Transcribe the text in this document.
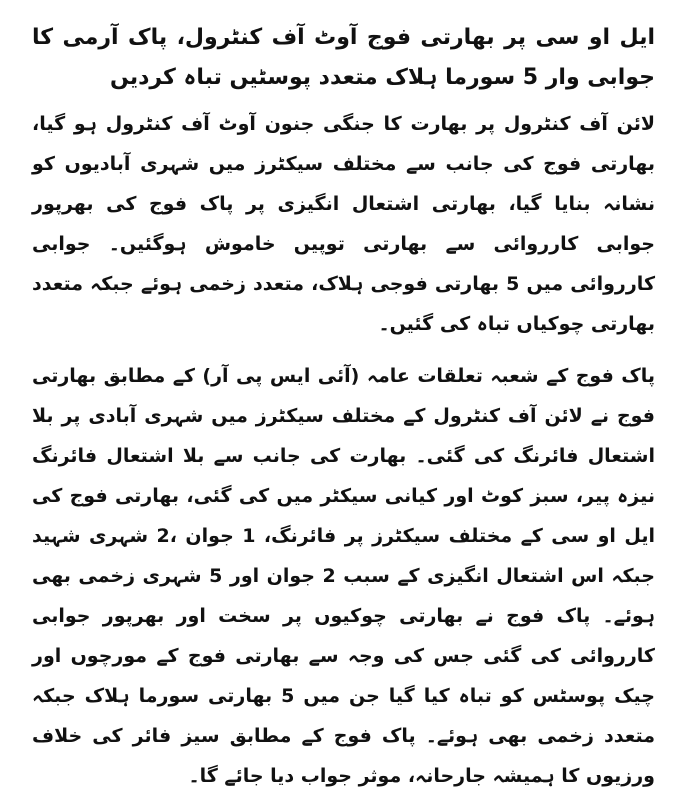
ایل او سی پر بھارتی فوج آوٹ آف کنٹرول، پاک آرمی کا جوابی وار 5 سورما ہلاک متعدد پوسٹیں تباہ کردیں

لائن آف کنٹرول پر بھارت کا جنگی جنون آوٹ آف کنٹرول ہو گیا، بھارتی فوج کی جانب سے مختلف سیکٹرز میں شہری آبادیوں کو نشانہ بنایا گیا، بھارتی اشتعال انگیزی پر پاک فوج کی بھرپور جوابی کارروائی سے بھارتی توپیں خاموش ہوگئیں۔ جوابی کارروائی میں 5 بھارتی فوجی ہلاک، متعدد زخمی ہوئے جبکہ متعدد بھارتی چوکیاں تباہ کی گئیں۔

پاک فوج کے شعبہ تعلقات عامہ (آئی ایس پی آر) کے مطابق بھارتی فوج نے لائن آف کنٹرول کے مختلف سیکٹرز میں شہری آبادی پر بلا اشتعال فائرنگ کی گئی۔ بھارت کی جانب سے بلا اشتعال فائرنگ نیزہ پیر، سبز کوٹ اور کیانی سیکٹر میں کی گئی، بھارتی فوج کی ایل او سی کے مختلف سیکٹرز پر فائرنگ، 1 جوان ،2 شہری شہید جبکہ اس اشتعال انگیزی کے سبب 2 جوان اور 5 شہری زخمی بھی ہوئے۔ پاک فوج نے بھارتی چوکیوں پر سخت اور بھرپور جوابی کارروائی کی گئی جس کی وجہ سے بھارتی فوج کے مورچوں اور چیک پوسٹس کو تباہ کیا گیا جن میں 5 بھارتی سورما ہلاک جبکہ متعدد زخمی بھی ہوئے۔ پاک فوج کے مطابق سیز فائر کی خلاف ورزیوں کا ہمیشہ جارحانہ، موثر جواب دیا جائے گا۔
